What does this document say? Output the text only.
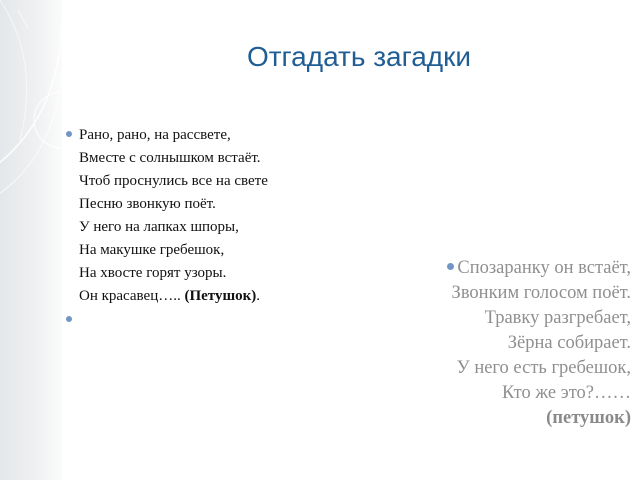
Отгадать загадки
Рано, рано, на рассвете,
Вместе с солнышком встаёт.
Чтоб проснулись все на свете
Песню звонкую поёт.
У него на лапках шпоры,
На макушке гребешок,
На хвосте горят узоры.
Он красавец….. (Петушок).
Спозаранку он встаёт,
Звонким голосом поёт.
Травку разгребает,
Зёрна собирает.
У него есть гребешок,
Кто же это?……
(петушок)
